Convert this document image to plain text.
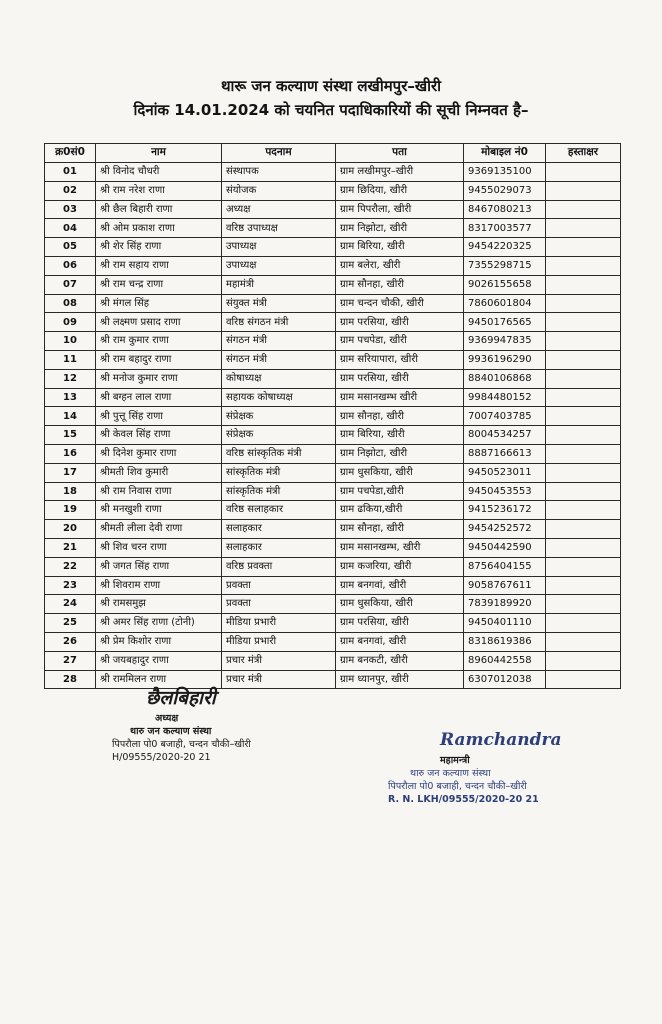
थारू जन कल्याण संस्था लखीमपुर–खीरी
दिनांक 14.01.2024 को चयनित पदाधिकारियों की सूची निम्नवत है–
क्र0सं0	नाम	पदनाम	पता	मोबाइल नं0	हस्ताक्षर
01	श्री विनोद चौधरी	संस्थापक	ग्राम लखीमपुर–खीरी	9369135100	
02	श्री राम नरेश राणा	संयोजक	ग्राम छिदिया, खीरी	9455029073	
03	श्री छैल बिहारी राणा	अध्यक्ष	ग्राम पिपरौला, खीरी	8467080213	
04	श्री ओम प्रकाश राणा	वरिष्ठ उपाध्यक्ष	ग्राम निझोटा, खीरी	8317003577	
05	श्री शेर सिंह राणा	उपाध्यक्ष	ग्राम बिरिया, खीरी	9454220325	
06	श्री राम सहाय राणा	उपाध्यक्ष	ग्राम बलेरा, खीरी	7355298715	
07	श्री राम चन्द्र राणा	महामंत्री	ग्राम सौनहा, खीरी	9026155658	
08	श्री मंगल सिंह	संयुक्त मंत्री	ग्राम चन्दन चौकी, खीरी	7860601804	
09	श्री लक्ष्मण प्रसाद राणा	वरिष्ठ संगठन मंत्री	ग्राम परसिया, खीरी	9450176565	
10	श्री राम कुमार राणा	संगठन मंत्री	ग्राम पचपेडा, खीरी	9369947835	
11	श्री राम बहादुर राणा	संगठन मंत्री	ग्राम सरियापारा, खीरी	9936196290	
12	श्री मनोज कुमार राणा	कोषाध्यक्ष	ग्राम परसिया, खीरी	8840106868	
13	श्री बग्हन लाल राणा	सहायक कोषाध्यक्ष	ग्राम मसानखम्भ खीरी	9984480152	
14	श्री पुत्तू सिंह राणा	संप्रेक्षक	ग्राम सौनहा, खीरी	7007403785	
15	श्री केवल सिंह राणा	संप्रेक्षक	ग्राम बिरिया, खीरी	8004534257	
16	श्री दिनेश कुमार राणा	वरिष्ठ सांस्कृतिक मंत्री	ग्राम निझोटा, खीरी	8887166613	
17	श्रीमती शिव कुमारी	सांस्कृतिक मंत्री	ग्राम धुसकिया, खीरी	9450523011	
18	श्री राम निवास राणा	सांस्कृतिक मंत्री	ग्राम पचपेडा,खीरी	9450453553	
19	श्री मनखुशी राणा	वरिष्ठ सलाहकार	ग्राम ढकिया,खीरी	9415236172	
20	श्रीमती लीला देवी राणा	सलाहकार	ग्राम सौनहा, खीरी	9454252572	
21	श्री शिव चरन राणा	सलाहकार	ग्राम मसानखम्भ, खीरी	9450442590	
22	श्री जगत सिंह राणा	वरिष्ठ प्रवक्ता	ग्राम कजरिया, खीरी	8756404155	
23	श्री शिवराम राणा	प्रवक्ता	ग्राम बनगवां, खीरी	9058767611	
24	श्री रामसमुझ	प्रवक्ता	ग्राम धुसकिया, खीरी	7839189920	
25	श्री अमर सिंह राणा (टोनी)	मीडिया प्रभारी	ग्राम परसिया, खीरी	9450401110	
26	श्री प्रेम किशोर राणा	मीडिया प्रभारी	ग्राम बनगवां, खीरी	8318619386	
27	श्री जयबहादुर राणा	प्रचार मंत्री	ग्राम बनकटी, खीरी	8960442558	
28	श्री राममिलन राणा	प्रचार मंत्री	ग्राम ध्यानपुर, खीरी	6307012038	
छैलबिहारी
अध्यक्ष
थारु जन कल्याण संस्था
पिपरौला पो0 बजाही, चन्दन चौकी–खीरी
H/09555/2020-20 21
Ramchandra
महामन्त्री
थारु जन कल्याण संस्था
पिपरौला पो0 बजाही, चन्दन चौकी–खीरी
R. N. LKH/09555/2020-20 21
